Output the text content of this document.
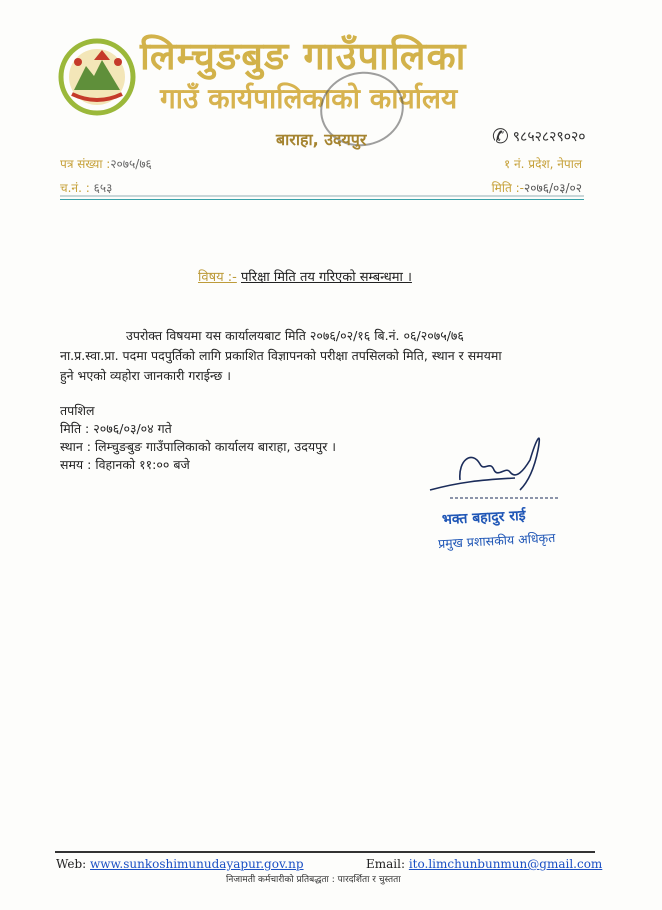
लिम्चुङबुङ गाउँपालिका
गाउँ कार्यपालिकाको कार्यालय
बाराहा, उदयपुर	✆ ९८५२८२९०२०
पत्र संख्या :२०७५/७६
च.नं. : ६५३
१ नं. प्रदेश, नेपाल
मिति :-२०७६/०३/०२
विषय :- परिक्षा मिति तय गरिएको सम्बन्धमा ।
उपरोक्त विषयमा यस कार्यालयबाट मिति २०७६/०२/१६ बि.नं. ०६/२०७५/७६
ना.प्र.स्वा.प्रा. पदमा पदपुर्तिको लागि प्रकाशित विज्ञापनको परीक्षा तपसिलको मिति, स्थान र समयमा
हुने भएको व्यहोरा जानकारी गराईन्छ ।
तपशिल
मिति : २०७६/०३/०४ गते
स्थान : लिम्चुङबुङ गाउँपालिकाको कार्यालय बाराहा, उदयपुर ।
समय : विहानको ११:०० बजे
भक्त बहादुर राई
प्रमुख प्रशासकीय अधिकृत
Web: www.sunkoshimunudayapur.gov.np	Email: ito.limchunbunmun@gmail.com
निजामती कर्मचारीको प्रतिबद्धता : पारदर्शिता र चुस्तता
